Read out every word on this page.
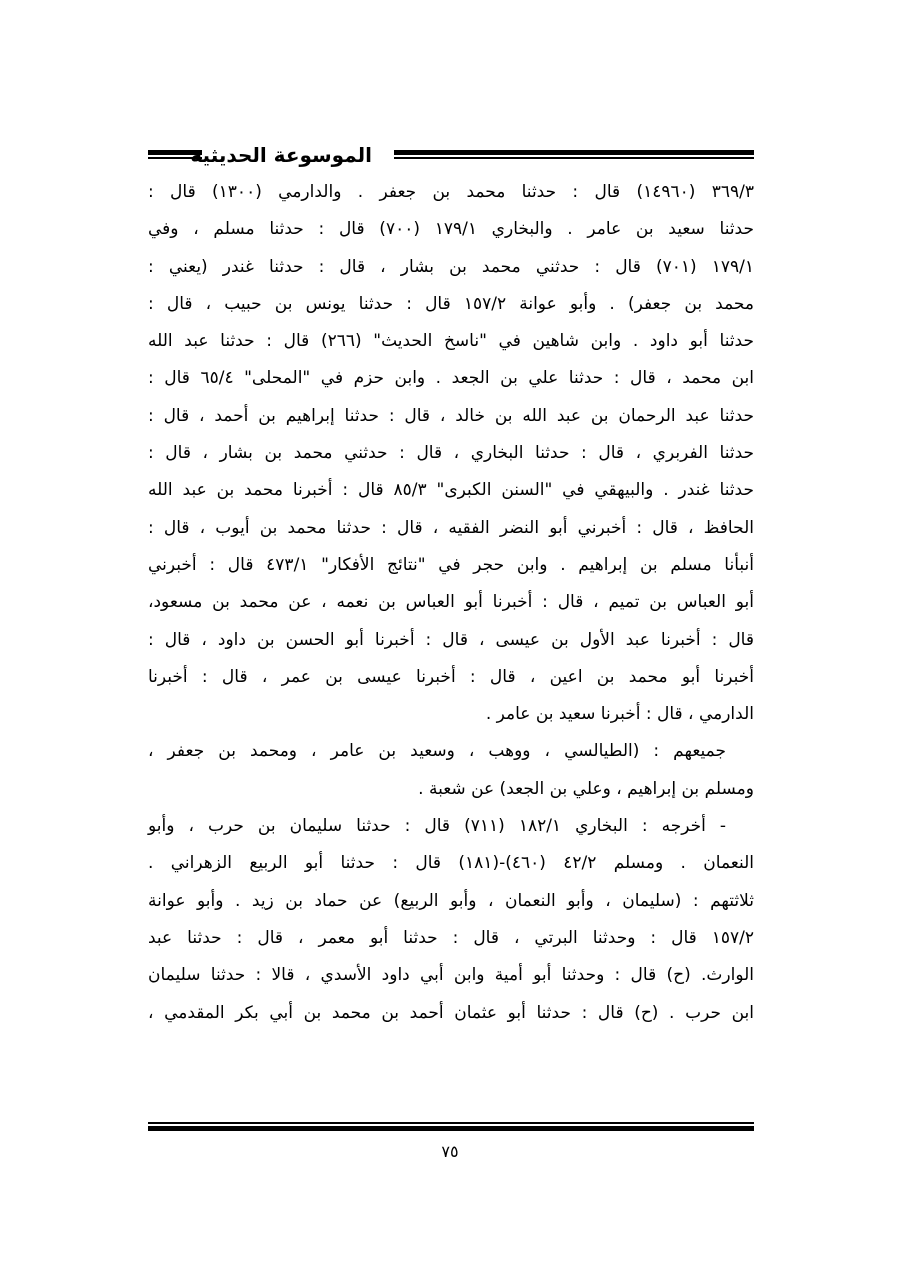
الموسوعة الحديثية
٣٦٩/٣ (١٤٩٦٠) قال : حدثنا محمد بن جعفر . والدارمي (١٣٠٠) قال :
حدثنا سعيد بن عامر . والبخاري ١٧٩/١ (٧٠٠) قال : حدثنا مسلم ، وفي
١٧٩/١ (٧٠١) قال : حدثني محمد بن بشار ، قال : حدثنا غندر (يعني :
محمد بن جعفر) . وأبو عوانة ١٥٧/٢ قال : حدثنا يونس بن حبيب ، قال :
حدثنا أبو داود . وابن شاهين في "ناسخ الحديث" (٢٦٦) قال : حدثنا عبد الله
ابن محمد ، قال : حدثنا علي بن الجعد . وابن حزم في "المحلى" ٦٥/٤ قال :
حدثنا عبد الرحمان بن عبد الله بن خالد ، قال : حدثنا إبراهيم بن أحمد ، قال :
حدثنا الفربري ، قال : حدثنا البخاري ، قال : حدثني محمد بن بشار ، قال :
حدثنا غندر . والبيهقي في "السنن الكبرى" ٨٥/٣ قال : أخبرنا محمد بن عبد الله
الحافظ ، قال : أخبرني أبو النضر الفقيه ، قال : حدثنا محمد بن أيوب ، قال :
أنبأنا مسلم بن إبراهيم . وابن حجر في "نتائج الأفكار" ٤٧٣/١ قال : أخبرني
أبو العباس بن تميم ، قال : أخبرنا أبو العباس بن نعمه ، عن محمد بن مسعود،
قال : أخبرنا عبد الأول بن عيسى ، قال : أخبرنا أبو الحسن بن داود ، قال :
أخبرنا أبو محمد بن اعين ، قال : أخبرنا عيسى بن عمر ، قال : أخبرنا
الدارمي ، قال : أخبرنا سعيد بن عامر .
جميعهم : (الطيالسي ، ووهب ، وسعيد بن عامر ، ومحمد بن جعفر ،
ومسلم بن إبراهيم ، وعلي بن الجعد) عن شعبة .
- أخرجه : البخاري ١٨٢/١ (٧١١) قال : حدثنا سليمان بن حرب ، وأبو
النعمان . ومسلم ٤٢/٢ (٤٦٠)-(١٨١) قال : حدثنا أبو الربيع الزهراني .
ثلاثتهم : (سليمان ، وأبو النعمان ، وأبو الربيع) عن حماد بن زيد . وأبو عوانة
١٥٧/٢ قال : وحدثنا البرتي ، قال : حدثنا أبو معمر ، قال : حدثنا عبد
الوارث. (ح) قال : وحدثنا أبو أمية وابن أبي داود الأسدي ، قالا : حدثنا سليمان
ابن حرب . (ح) قال : حدثنا أبو عثمان أحمد بن محمد بن أبي بكر المقدمي ،
٧٥
